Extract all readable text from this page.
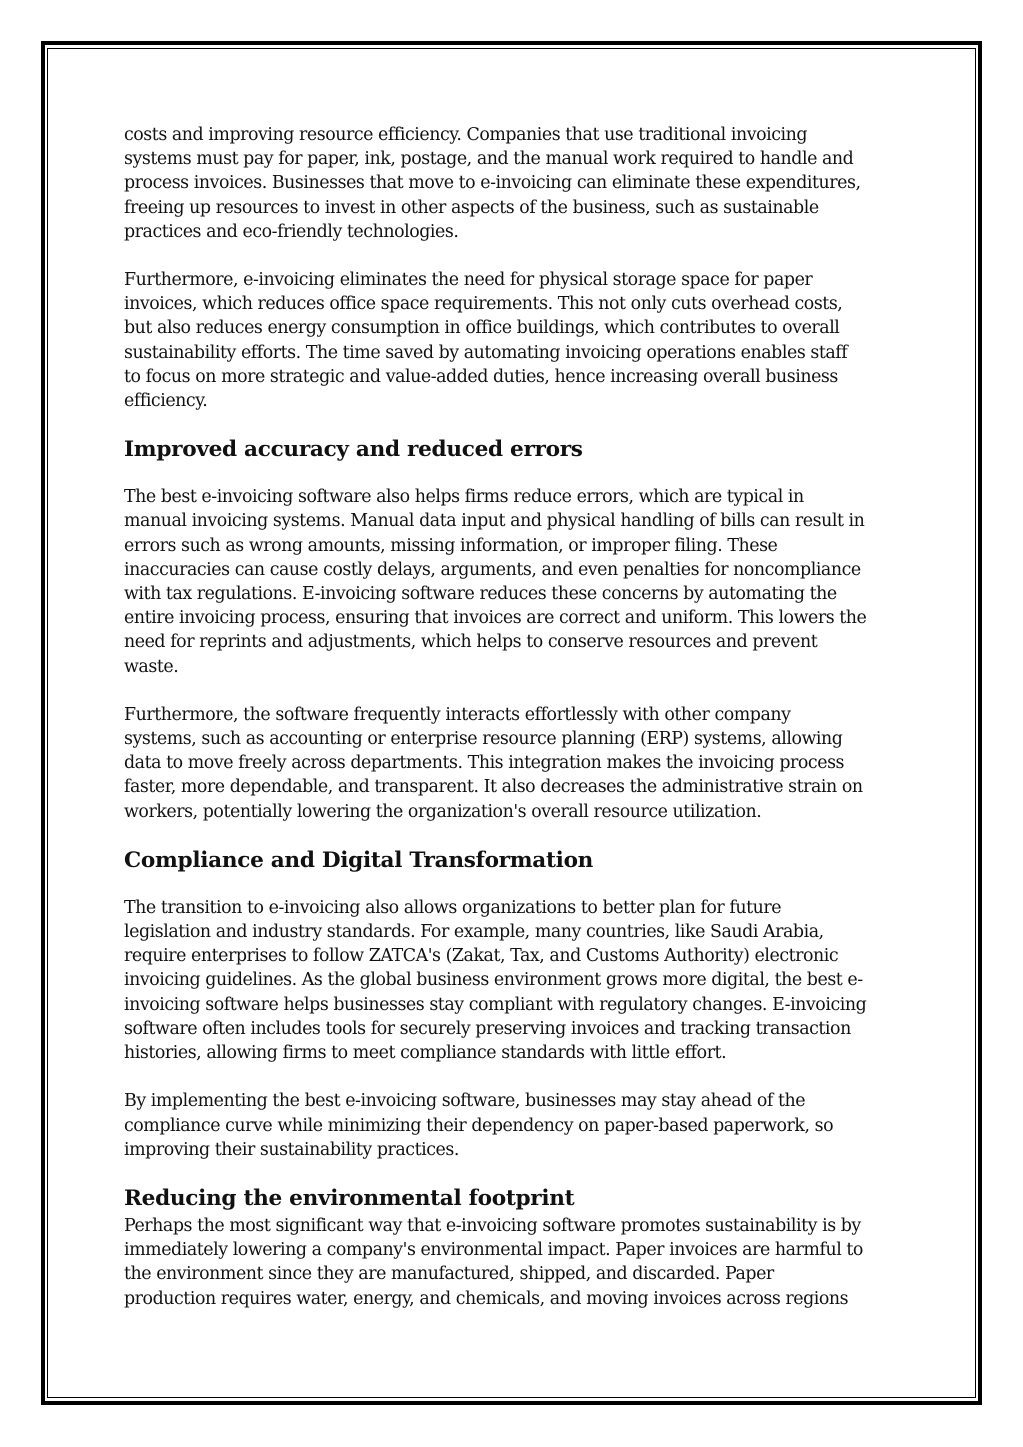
costs and improving resource efficiency. Companies that use traditional invoicing
systems must pay for paper, ink, postage, and the manual work required to handle and
process invoices. Businesses that move to e-invoicing can eliminate these expenditures,
freeing up resources to invest in other aspects of the business, such as sustainable
practices and eco-friendly technologies.

Furthermore, e-invoicing eliminates the need for physical storage space for paper
invoices, which reduces office space requirements. This not only cuts overhead costs,
but also reduces energy consumption in office buildings, which contributes to overall
sustainability efforts. The time saved by automating invoicing operations enables staff
to focus on more strategic and value-added duties, hence increasing overall business
efficiency.

Improved accuracy and reduced errors

The best e-invoicing software also helps firms reduce errors, which are typical in
manual invoicing systems. Manual data input and physical handling of bills can result in
errors such as wrong amounts, missing information, or improper filing. These
inaccuracies can cause costly delays, arguments, and even penalties for noncompliance
with tax regulations. E-invoicing software reduces these concerns by automating the
entire invoicing process, ensuring that invoices are correct and uniform. This lowers the
need for reprints and adjustments, which helps to conserve resources and prevent
waste.

Furthermore, the software frequently interacts effortlessly with other company
systems, such as accounting or enterprise resource planning (ERP) systems, allowing
data to move freely across departments. This integration makes the invoicing process
faster, more dependable, and transparent. It also decreases the administrative strain on
workers, potentially lowering the organization's overall resource utilization.

Compliance and Digital Transformation

The transition to e-invoicing also allows organizations to better plan for future
legislation and industry standards. For example, many countries, like Saudi Arabia,
require enterprises to follow ZATCA's (Zakat, Tax, and Customs Authority) electronic
invoicing guidelines. As the global business environment grows more digital, the best e-
invoicing software helps businesses stay compliant with regulatory changes. E-invoicing
software often includes tools for securely preserving invoices and tracking transaction
histories, allowing firms to meet compliance standards with little effort.

By implementing the best e-invoicing software, businesses may stay ahead of the
compliance curve while minimizing their dependency on paper-based paperwork, so
improving their sustainability practices.

Reducing the environmental footprint

Perhaps the most significant way that e-invoicing software promotes sustainability is by
immediately lowering a company's environmental impact. Paper invoices are harmful to
the environment since they are manufactured, shipped, and discarded. Paper
production requires water, energy, and chemicals, and moving invoices across regions
